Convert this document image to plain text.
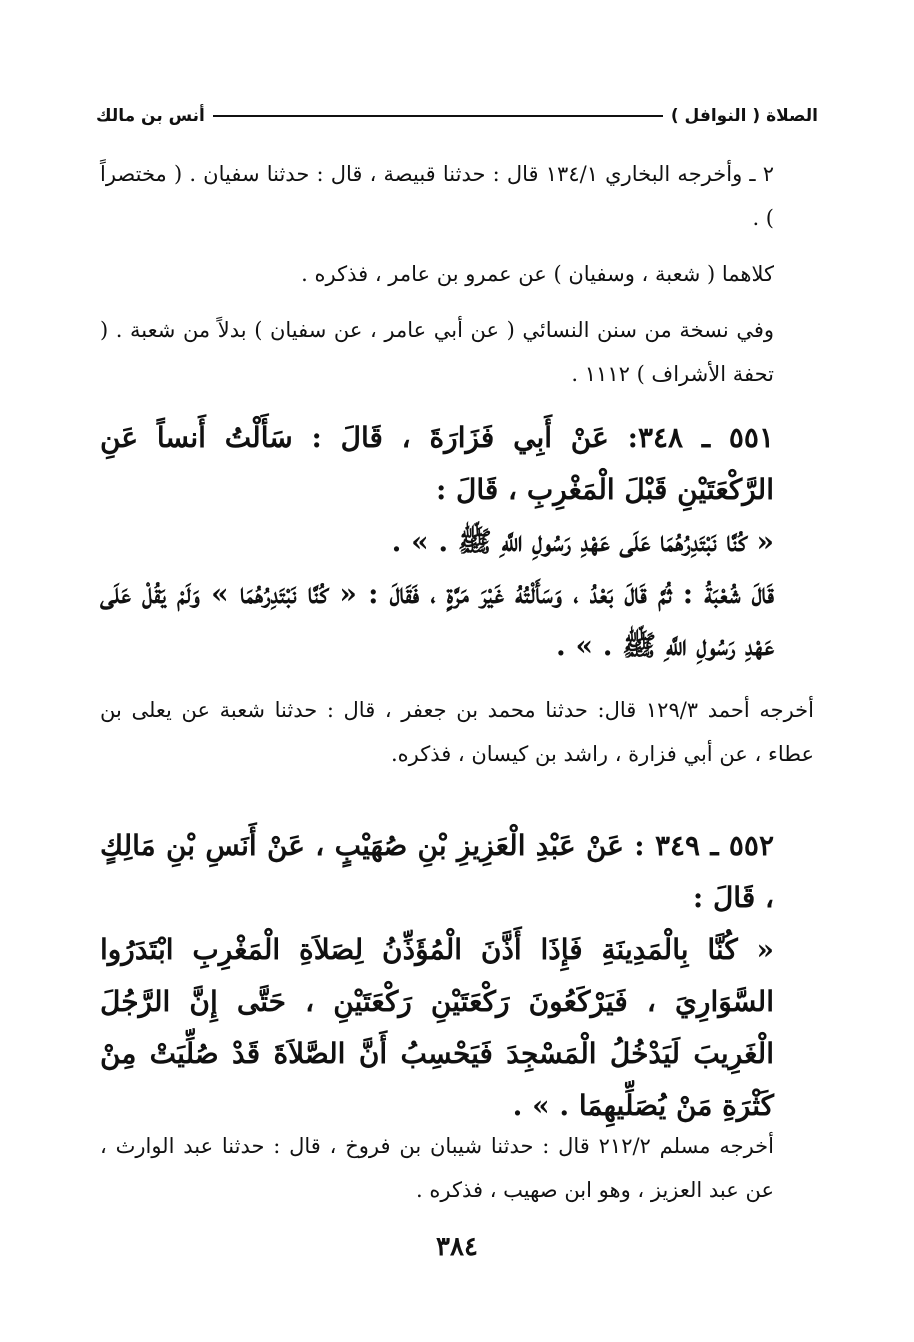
الصلاة ( النوافل )
أنس بن مالك

٢ ـ وأخرجه البخاري ١٣٤/١ قال : حدثنا قبيصة ، قال : حدثنا سفيان . ( مختصراً ) .

كلاهما ( شعبة ، وسفيان ) عن عمرو بن عامر ، فذكره .

وفي نسخة من سنن النسائي ( عن أبي عامر ، عن سفيان ) بدلاً من شعبة . ( تحفة الأشراف ) ١١١٢ .

٥٥١ ـ ٣٤٨: عَنْ أَبِي فَزَارَةَ ، قَالَ : سَأَلْتُ أَنساً عَنِ الرَّكْعَتَيْنِ قَبْلَ الْمَغْرِبِ ، قَالَ :

« كُنَّا نَبْتَدِرُهُمَا عَلَى عَهْدِ رَسُولِ اللَّهِ ﷺ . » .

قَالَ شُعْبَةُ : ثُمَّ قَالَ بَعْدُ ، وَسَأَلْتُهُ غَيْرَ مَرَّةٍ ، فَقَالَ : « كُنَّا نَبْتَدِرُهُمَا » وَلَمْ يَقُلْ عَلَى عَهْدِ رَسُولِ اللَّهِ ﷺ . » .

أخرجه أحمد ١٢٩/٣ قال: حدثنا محمد بن جعفر ، قال : حدثنا شعبة عن يعلى بن عطاء ، عن أبي فزارة ، راشد بن كيسان ، فذكره.

٥٥٢ ـ ٣٤٩ : عَنْ عَبْدِ الْعَزِيزِ بْنِ صُهَيْبٍ ، عَنْ أَنَسِ بْنِ مَالِكٍ ، قَالَ :

« كُنَّا بِالْمَدِينَةِ فَإِذَا أَذَّنَ الْمُؤَذِّنُ لِصَلاَةِ الْمَغْرِبِ ابْتَدَرُوا السَّوَارِيَ ، فَيَرْكَعُونَ رَكْعَتَيْنِ رَكْعَتَيْنِ ، حَتَّى إِنَّ الرَّجُلَ الْغَرِيبَ لَيَدْخُلُ الْمَسْجِدَ فَيَحْسِبُ أَنَّ الصَّلاَةَ قَدْ صُلِّيَتْ مِنْ كَثْرَةِ مَنْ يُصَلِّيهِمَا . » .

أخرجه مسلم ٢١٢/٢ قال : حدثنا شيبان بن فروخ ، قال : حدثنا عبد الوارث ، عن عبد العزيز ، وهو ابن صهيب ، فذكره .

٣٨٤
